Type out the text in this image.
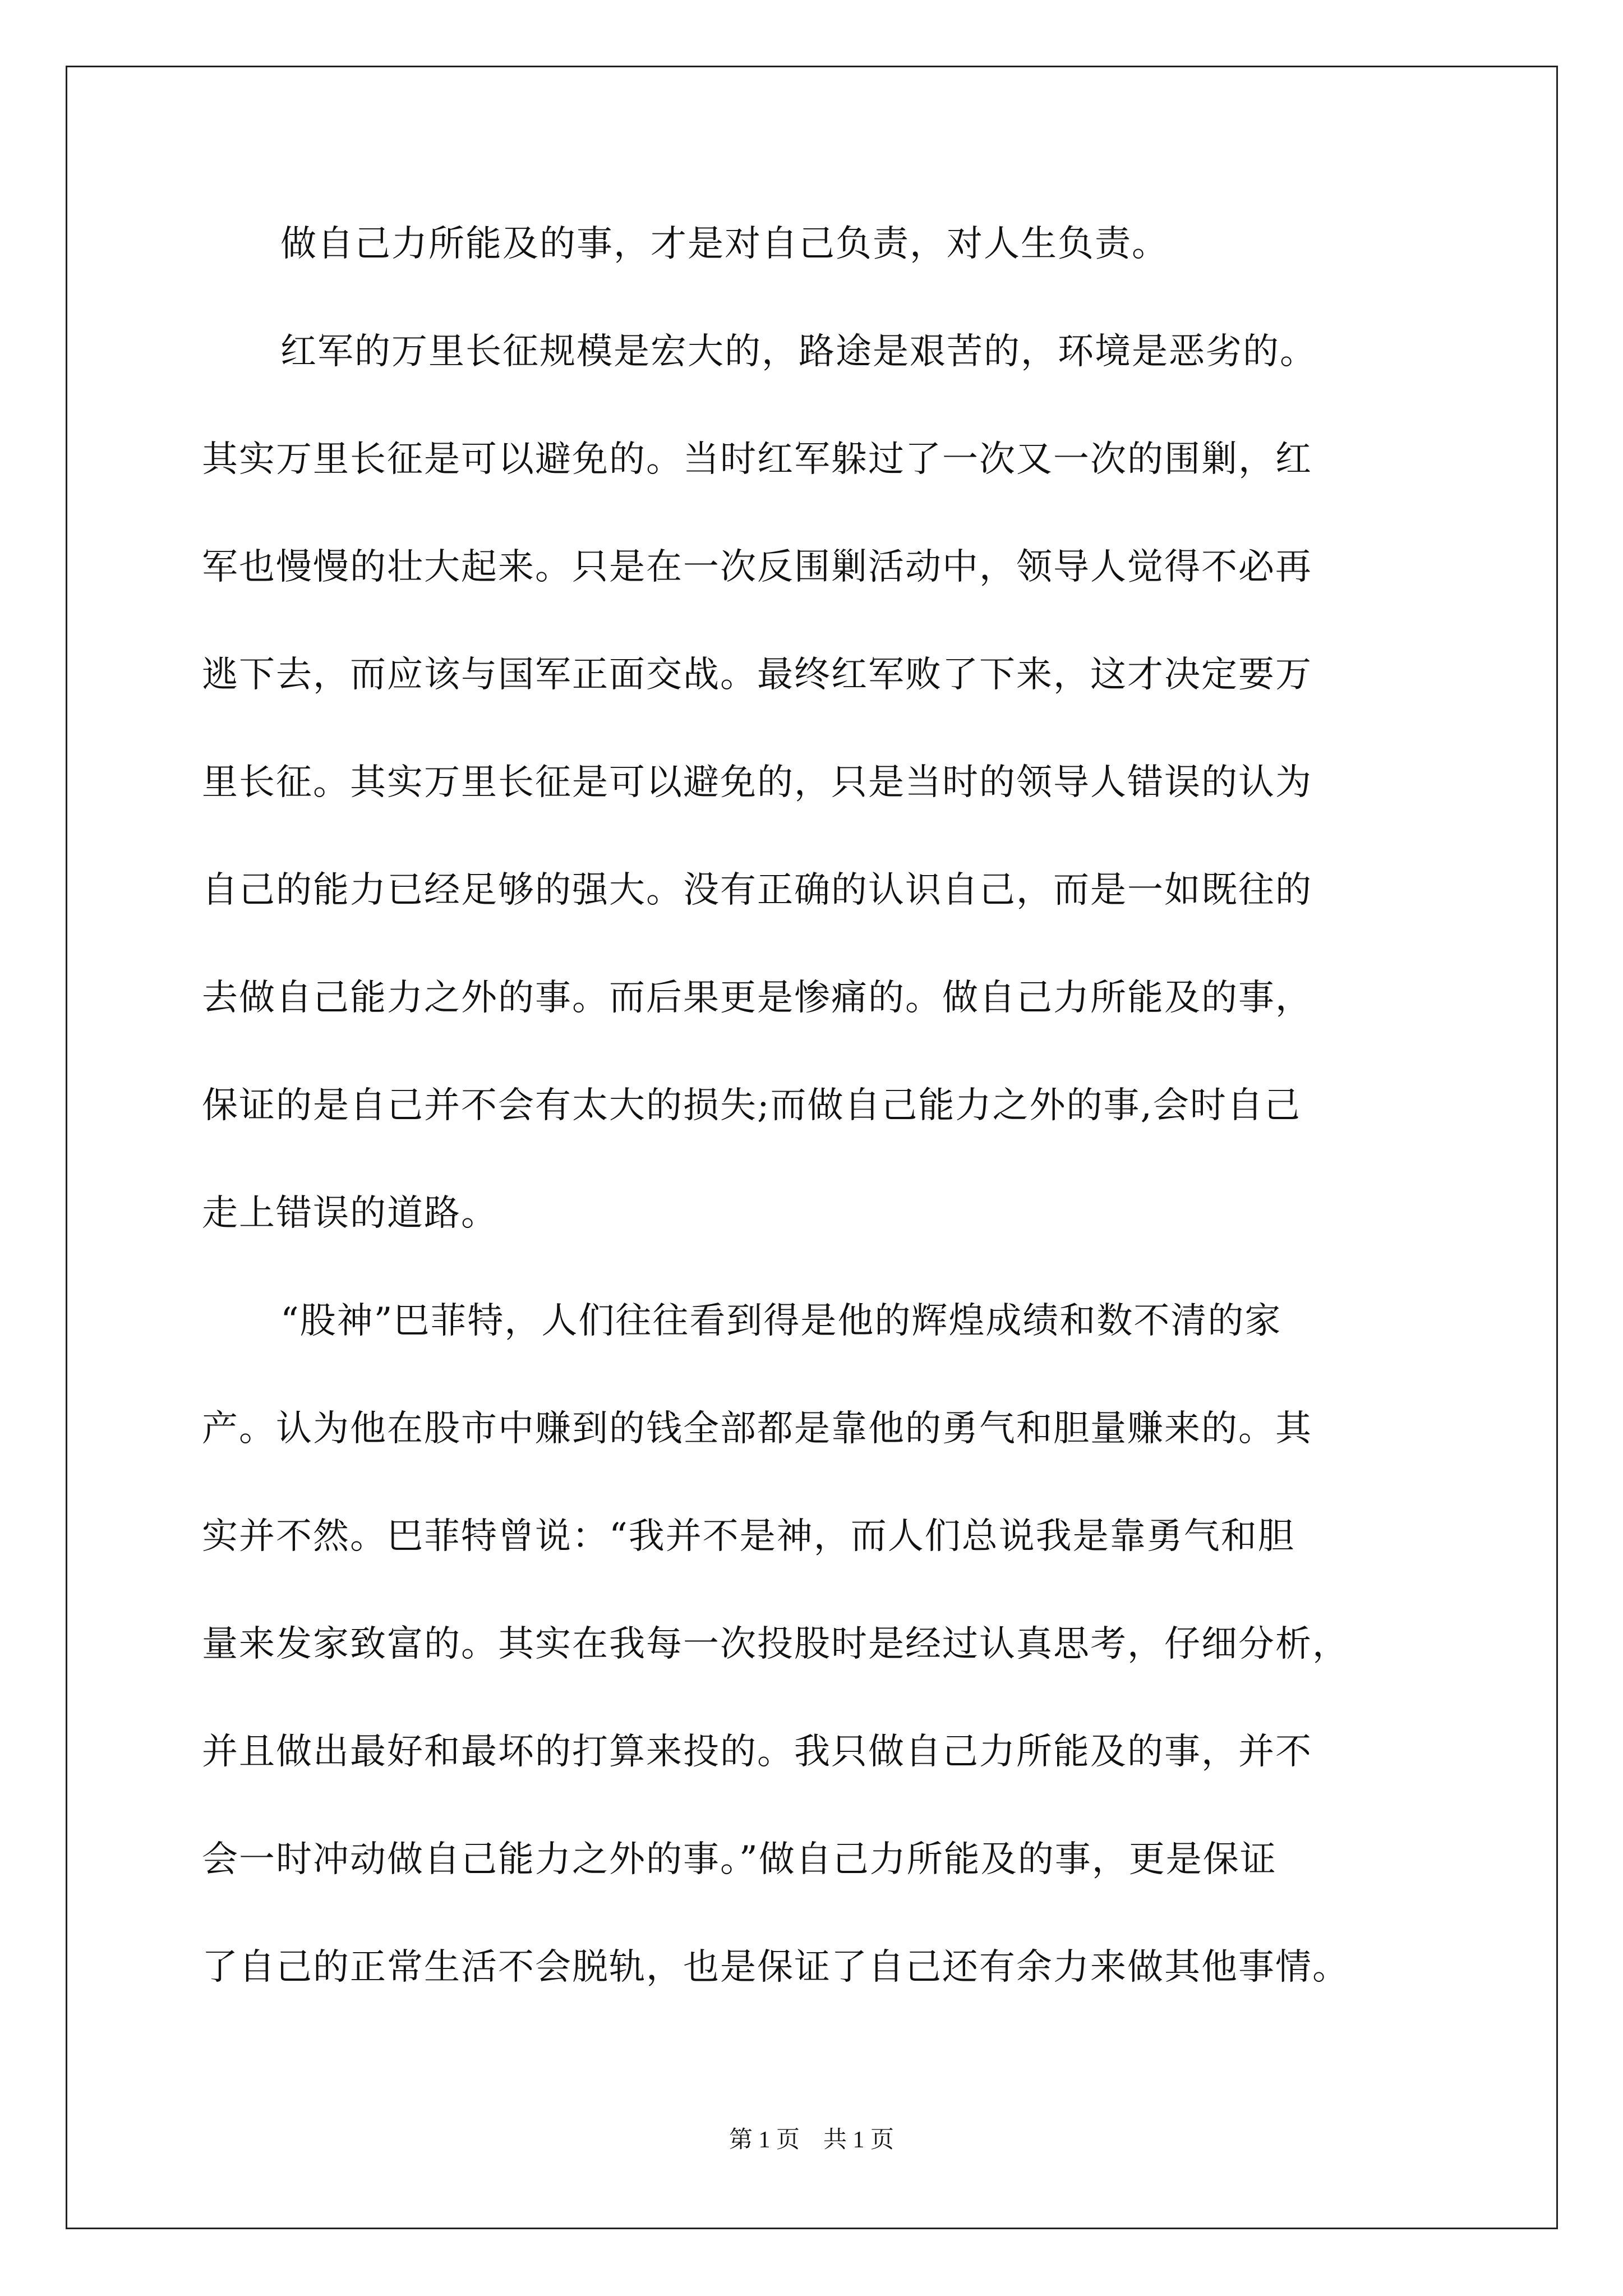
做自己力所能及的事，才是对自己负责，对人生负责。
红军的万里长征规模是宏大的，路途是艰苦的，环境是恶劣的。
其实万里长征是可以避免的。当时红军躲过了一次又一次的围剿，红
军也慢慢的壮大起来。只是在一次反围剿活动中，领导人觉得不必再
逃下去，而应该与国军正面交战。最终红军败了下来，这才决定要万
里长征。其实万里长征是可以避免的，只是当时的领导人错误的认为
自己的能力已经足够的强大。没有正确的认识自己，而是一如既往的
去做自己能力之外的事。而后果更是惨痛的。做自己力所能及的事，
保证的是自己并不会有太大的损失;而做自己能力之外的事,会时自己
走上错误的道路。
“股神”巴菲特，人们往往看到得是他的辉煌成绩和数不清的家
产。认为他在股市中赚到的钱全部都是靠他的勇气和胆量赚来的。其
实并不然。巴菲特曾说：“我并不是神，而人们总说我是靠勇气和胆
量来发家致富的。其实在我每一次投股时是经过认真思考，仔细分析，
并且做出最好和最坏的打算来投的。我只做自己力所能及的事，并不
会一时冲动做自己能力之外的事。”做自己力所能及的事，更是保证
了自己的正常生活不会脱轨，也是保证了自己还有余力来做其他事情。
第 1 页　共 1 页
